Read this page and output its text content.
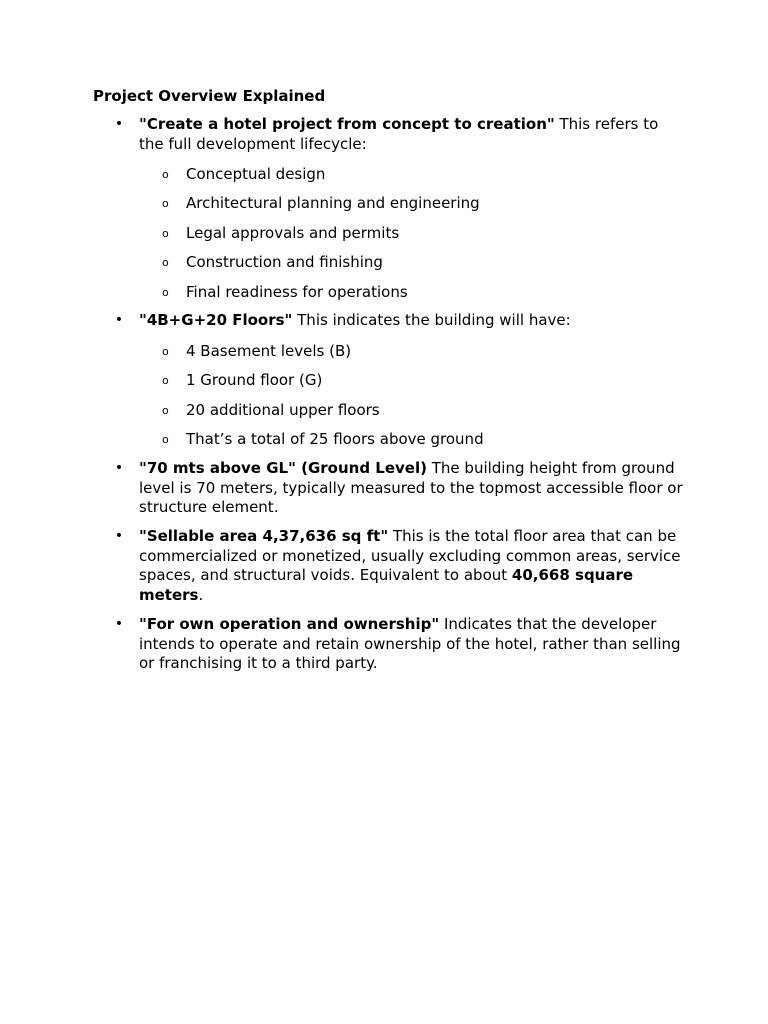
Project Overview Explained
• "Create a hotel project from concept to creation" This refers to the full development lifecycle:
o Conceptual design
o Architectural planning and engineering
o Legal approvals and permits
o Construction and finishing
o Final readiness for operations
• "4B+G+20 Floors" This indicates the building will have:
o 4 Basement levels (B)
o 1 Ground floor (G)
o 20 additional upper floors
o That’s a total of 25 floors above ground
• "70 mts above GL" (Ground Level) The building height from ground level is 70 meters, typically measured to the topmost accessible floor or structure element.
• "Sellable area 4,37,636 sq ft" This is the total floor area that can be commercialized or monetized, usually excluding common areas, service spaces, and structural voids. Equivalent to about 40,668 square meters.
• "For own operation and ownership" Indicates that the developer intends to operate and retain ownership of the hotel, rather than selling or franchising it to a third party.
